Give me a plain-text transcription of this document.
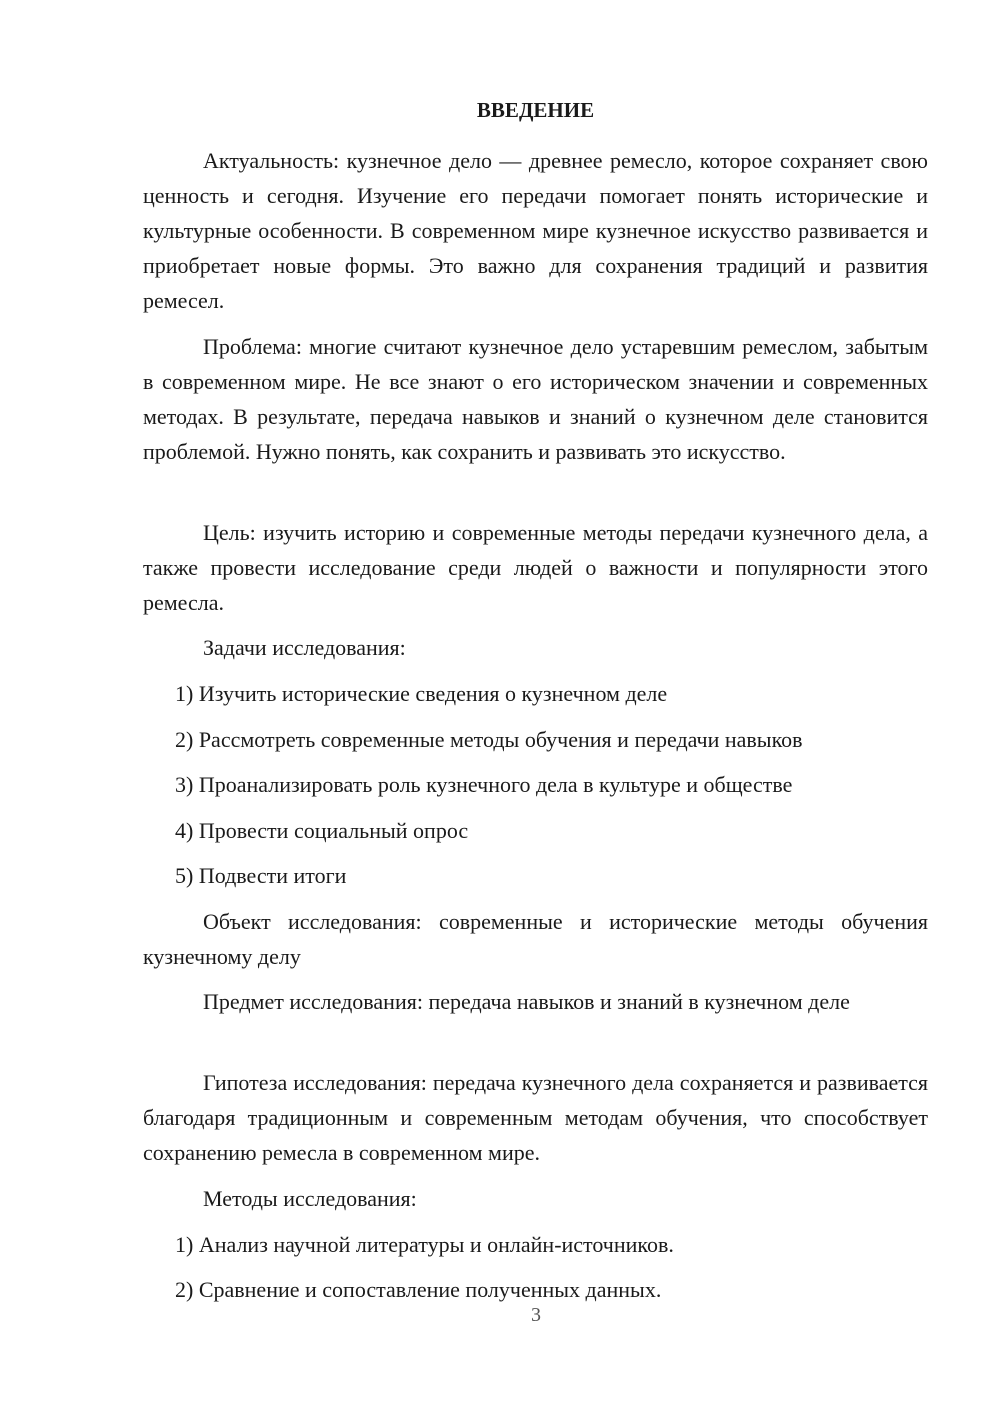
ВВЕДЕНИЕ

Актуальность: кузнечное дело — древнее ремесло, которое сохраняет свою ценность и сегодня. Изучение его передачи помогает понять исторические и культурные особенности. В современном мире кузнечное искусство развивается и приобретает новые формы. Это важно для сохранения традиций и развития ремесел.

Проблема: многие считают кузнечное дело устаревшим ремеслом, забытым в современном мире. Не все знают о его историческом значении и современных методах. В результате, передача навыков и знаний о кузнечном деле становится проблемой. Нужно понять, как сохранить и развивать это искусство.

Цель: изучить историю и современные методы передачи кузнечного дела, а также провести исследование среди людей о важности и популярности этого ремесла.

Задачи исследования:

1) Изучить исторические сведения о кузнечном деле

2) Рассмотреть современные методы обучения и передачи навыков

3) Проанализировать роль кузнечного дела в культуре и обществе

4) Провести социальный опрос

5) Подвести итоги

Объект исследования: современные и исторические методы обучения кузнечному делу

Предмет исследования: передача навыков и знаний в кузнечном деле

Гипотеза исследования: передача кузнечного дела сохраняется и развивается благодаря традиционным и современным методам обучения, что способствует сохранению ремесла в современном мире.

Методы исследования:

1) Анализ научной литературы и онлайн-источников.

2) Сравнение и сопоставление полученных данных.

3
